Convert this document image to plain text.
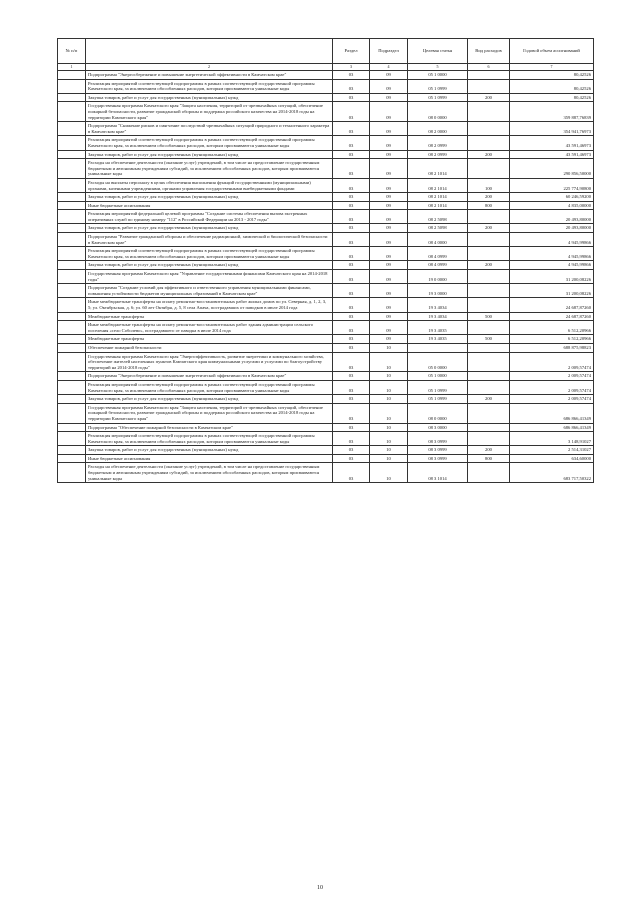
№ п/п		Раздел	Подраздел	Целевая статья	Вид расходов	Годовой объем ассигнований
1	2	3	4	5	6	7
	Подпрограмма "Энергосбережение и повышение энергетической эффективности в Камчатском крае"	03	09	05 1 0000		80,42526
	Реализация мероприятий соответствующей подпрограммы в рамках соответствующей государственной программы Камчатского края, за исключением обособленных расходов, которым присваиваются уникальные коды	03	09	05 1 0999		80,42526
	Закупка товаров, работ и услуг для государственных (муниципальных) нужд	03	09	05 1 0999	200	80,42526
	Государственная программа Камчатского края "Защита населения, территорий от чрезвычайных ситуаций, обеспечение пожарной безопасности, развитие гражданской обороны и поддержка российского казачества на 2014-2018 годы на территории Камчатского края"	03	09	08 0 0000		359 887,76839
	Подпрограмма "Снижение рисков и смягчение последствий чрезвычайных ситуаций природного и техногенного характера в Камчатском крае"	03	09	08 2 0000		354 941,76973
	Реализация мероприятий соответствующей подпрограммы в рамках соответствующей государственной программы Камчатского края, за исключением обособленных расходов, которым присваиваются уникальные коды	03	09	08 2 0999		43 591,46973
	Закупка товаров, работ и услуг для государственных (муниципальных) нужд	03	09	08 2 0999	200	43 591,46973
	Расходы на обеспечение деятельности (оказание услуг) учреждений, в том числе на предоставление государственным бюджетным и автономным учреждениям субсидий, за исключением обособленных расходов, которым присваиваются уникальные коды	03	09	08 2 1014		290 856,50000
	Расходы на выплаты персоналу в целях обеспечения выполнения функций государственными (муниципальными) органами, казенными учреждениями, органами управления государственными внебюджетными фондами	03	09	08 2 1014	100	225 774,90800
	Закупка товаров, работ и услуг для государственных (муниципальных) нужд	03	09	08 2 1014	200	60 246,59200
	Иные бюджетные ассигнования	03	09	08 2 1014	800	4 835,00000
	Реализация мероприятий федеральной целевой программы "Создание системы обеспечения вызова экстренных оперативных служб по единому номеру "112" в Российской Федерации на 2013 - 2017 годы"	03	09	08 2 5098		20 493,80000
	Закупка товаров, работ и услуг для государственных (муниципальных) нужд	03	09	08 2 5098	200	20 493,80000
	Подпрограмма "Развитие гражданской обороны и обеспечение радиационной, химической и биологической безопасности в Камчатском крае"	03	09	08 4 0000		4 945,99866
	Реализация мероприятий соответствующей подпрограммы в рамках соответствующей государственной программы Камчатского края, за исключением обособленных расходов, которым присваиваются уникальные коды	03	09	08 4 0999		4 945,99866
	Закупка товаров, работ и услуг для государственных (муниципальных) нужд	03	09	08 4 0999	200	4 945,99866
	Государственная программа Камчатского края "Управление государственными финансами Камчатского края на 2014-2018 годы"	03	09	19 0 0000		31 200,08226
	Подпрограмма "Создание условий для эффективного и ответственного управления муниципальными финансами, повышения устойчивости бюджетов муниципальных образований в Камчатском крае"	03	09	19 3 0000		31 200,08226
	Иные межбюджетные трансферты на оплату ремонтно-восстановительных работ жилых домов по ул. Северная, д. 1, 2, 3, 5; ул. Октябрьская, д. 6; ул. 60 лет Октября, д. 5, 8 села Апача, пострадавших от паводков в июле 2014 года	03	09	19 3 4034		24 687,87260
	Межбюджетные трансферты	03	09	19 3 4034	500	24 687,87260
	Иные межбюджетные трансферты на оплату ремонтно-восстановительных работ здания администрации сельского поселения «село Соболево», пострадавшего от паводка в июле 2014 года	03	09	19 3 4035		6 512,20966
	Межбюджетные трансферты	03	09	19 3 4035	500	6 512,20966
	Обеспечение пожарной безопасности	03	10			688 875,98823
	Государственная программа Камчатского края "Энергоэффективность, развитие энергетики и коммунального хозяйства, обеспечение жителей населенных пунктов Камчатского края коммунальными услугами и услугами по благоустройству территорий на 2014-2018 годы"	03	10	05 0 0000		2 009,57474
	Подпрограмма "Энергосбережение и повышение энергетической эффективности в Камчатском крае"	03	10	05 1 0000		2 009,57474
	Реализация мероприятий соответствующей подпрограммы в рамках соответствующей государственной программы Камчатского края, за исключением обособленных расходов, которым присваиваются уникальные коды	03	10	05 1 0999		2 009,57474
	Закупка товаров, работ и услуг для государственных (муниципальных) нужд	03	10	05 1 0999	200	2 009,57474
	Государственная программа Камчатского края "Защита населения, территорий от чрезвычайных ситуаций, обеспечение пожарной безопасности, развитие гражданской обороны и поддержка российского казачества на 2014-2018 годы на территории Камчатского края"	03	10	08 0 0000		686 866,41349
	Подпрограмма "Обеспечение пожарной безопасности в Камчатском крае"	03	10	08 3 0000		686 866,41349
	Реализация мероприятий соответствующей подпрограммы в рамках соответствующей государственной программы Камчатского края, за исключением обособленных расходов, которым присваиваются уникальные коды	03	10	08 3 0999		3 148,91027
	Закупка товаров, работ и услуг для государственных (муниципальных) нужд	03	10	08 3 0999	200	2 514,31027
	Иные бюджетные ассигнования	03	10	08 3 0999	800	634,60000
	Расходы на обеспечение деятельности (оказание услуг) учреждений, в том числе на предоставление государственным бюджетным и автономным учреждениям субсидий, за исключением обособленных расходов, которым присваиваются уникальные коды	03	10	08 3 1014		683 717,50322
10
